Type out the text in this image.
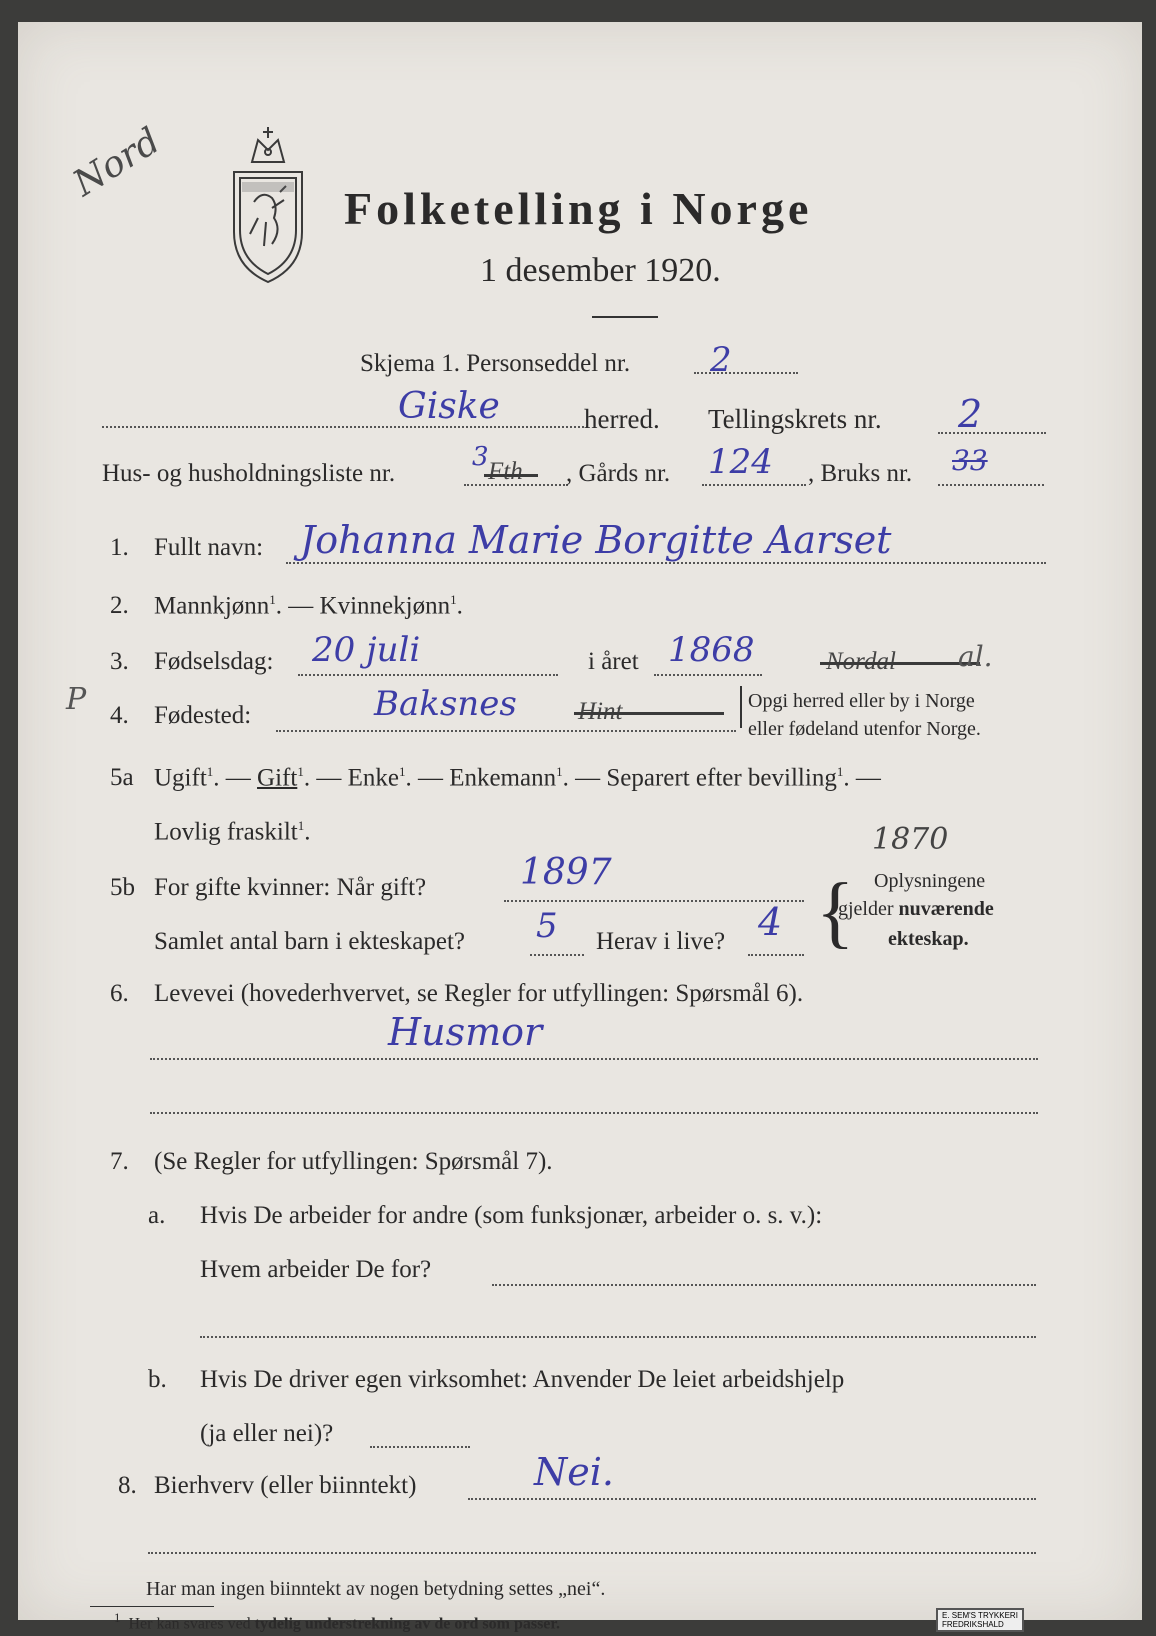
Nord
Folketelling i Norge
1 desember 1920.
Skjema 1. Personseddel nr. 2
Giske	herred. Tellingskrets nr. 2
Hus- og husholdningsliste nr.
3 Fth , Gårds nr. 124 , Bruks nr. 33
1. Fullt navn: Johanna Marie Borgitte Aarset
2. Mannkjønn$^1$. — Kvinnekjønn$^1$.
3. Fødselsdag: 20 juli	i året 1868	Nordal al.
P 4. Fødested:	Baksnes Hint	Opgi herred eller by i Norge
eller fødeland utenfor Norge.
5a Ugift$^1$. — Gift$^1$. — Enke$^1$. — Enkemann$^1$. — Separert efter bevilling$^1$. —
Lovlig fraskilt$^1$.
5b For gifte kvinner: Når gift?	1897
1870
Samlet antal barn i ekteskapet? 5 Herav i live? 4 { Oplysningene
gjelder nuværende
ekteskap.
6. Levevei (hovederhvervet, se Regler for utfyllingen: Spørsmål 6).
Husmor
7. (Se Regler for utfyllingen: Spørsmål 7).
a. Hvis De arbeider for andre (som funksjonær, arbeider o. s. v.):
Hvem arbeider De for?
b. Hvis De driver egen virksomhet: Anvender De leiet arbeidshjelp
(ja eller nei)?
8. Bierhverv (eller biinntekt)	Nei.
Har man ingen biinntekt av nogen betydning settes „nei“.
$^1$ Her kan svares ved tydelig understrekning av de ord som passer.	E. SEM'S TRYKKERI
FREDRIKSHALD
